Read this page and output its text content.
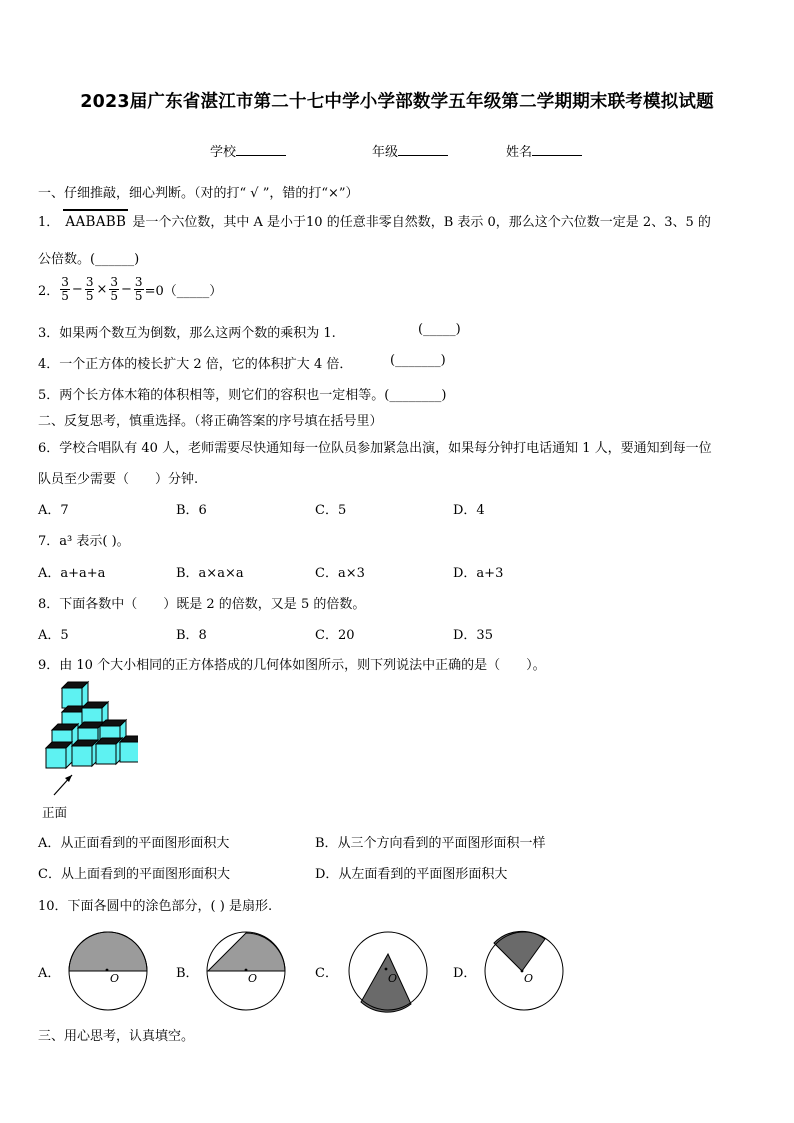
2023届广东省湛江市第二十七中学小学部数学五年级第二学期期末联考模拟试题
学校	年级	姓名
一、仔细推敲，细心判断。（对的打“ √ ”，错的打“×”）
1． AABABB 是一个六位数，其中 A 是小于10 的任意非零自然数，B 表示 0，那么这个六位数一定是 2、3、5 的
公倍数。(______)
2． $\frac{3}{5} - \frac{3}{5} \times \frac{3}{5} - \frac{3}{5}$ =0（_____）
3．如果两个数互为倒数，那么这两个数的乘积为 1.	(_____)
4．一个正方体的棱长扩大 2 倍，它的体积扩大 4 倍．	(_______)
5．两个长方体木箱的体积相等，则它们的容积也一定相等。(________)
二、反复思考，慎重选择。（将正确答案的序号填在括号里）
6．学校合唱队有 40 人，老师需要尽快通知每一位队员参加紧急出演，如果每分钟打电话通知 1 人，要通知到每一位
队员至少需要（　　）分钟.
A．7	B．6	C．5	D．4
7．a³ 表示( )。
A．a+a+a	B．a×a×a	C．a×3	D．a+3
8．下面各数中（　　）既是 2 的倍数，又是 5 的倍数。
A．5	B．8	C．20	D．35
9．由 10 个大小相同的正方体搭成的几何体如图所示，则下列说法中正确的是（　　）。
正面
A．从正面看到的平面图形面积大	B．从三个方向看到的平面图形面积一样
C．从上面看到的平面图形面积大	D．从左面看到的平面图形面积大
10．下面各圆中的涂色部分，( ) 是扇形.
A．	O	B．	O	C．	O	D．	O
三、用心思考，认真填空。
